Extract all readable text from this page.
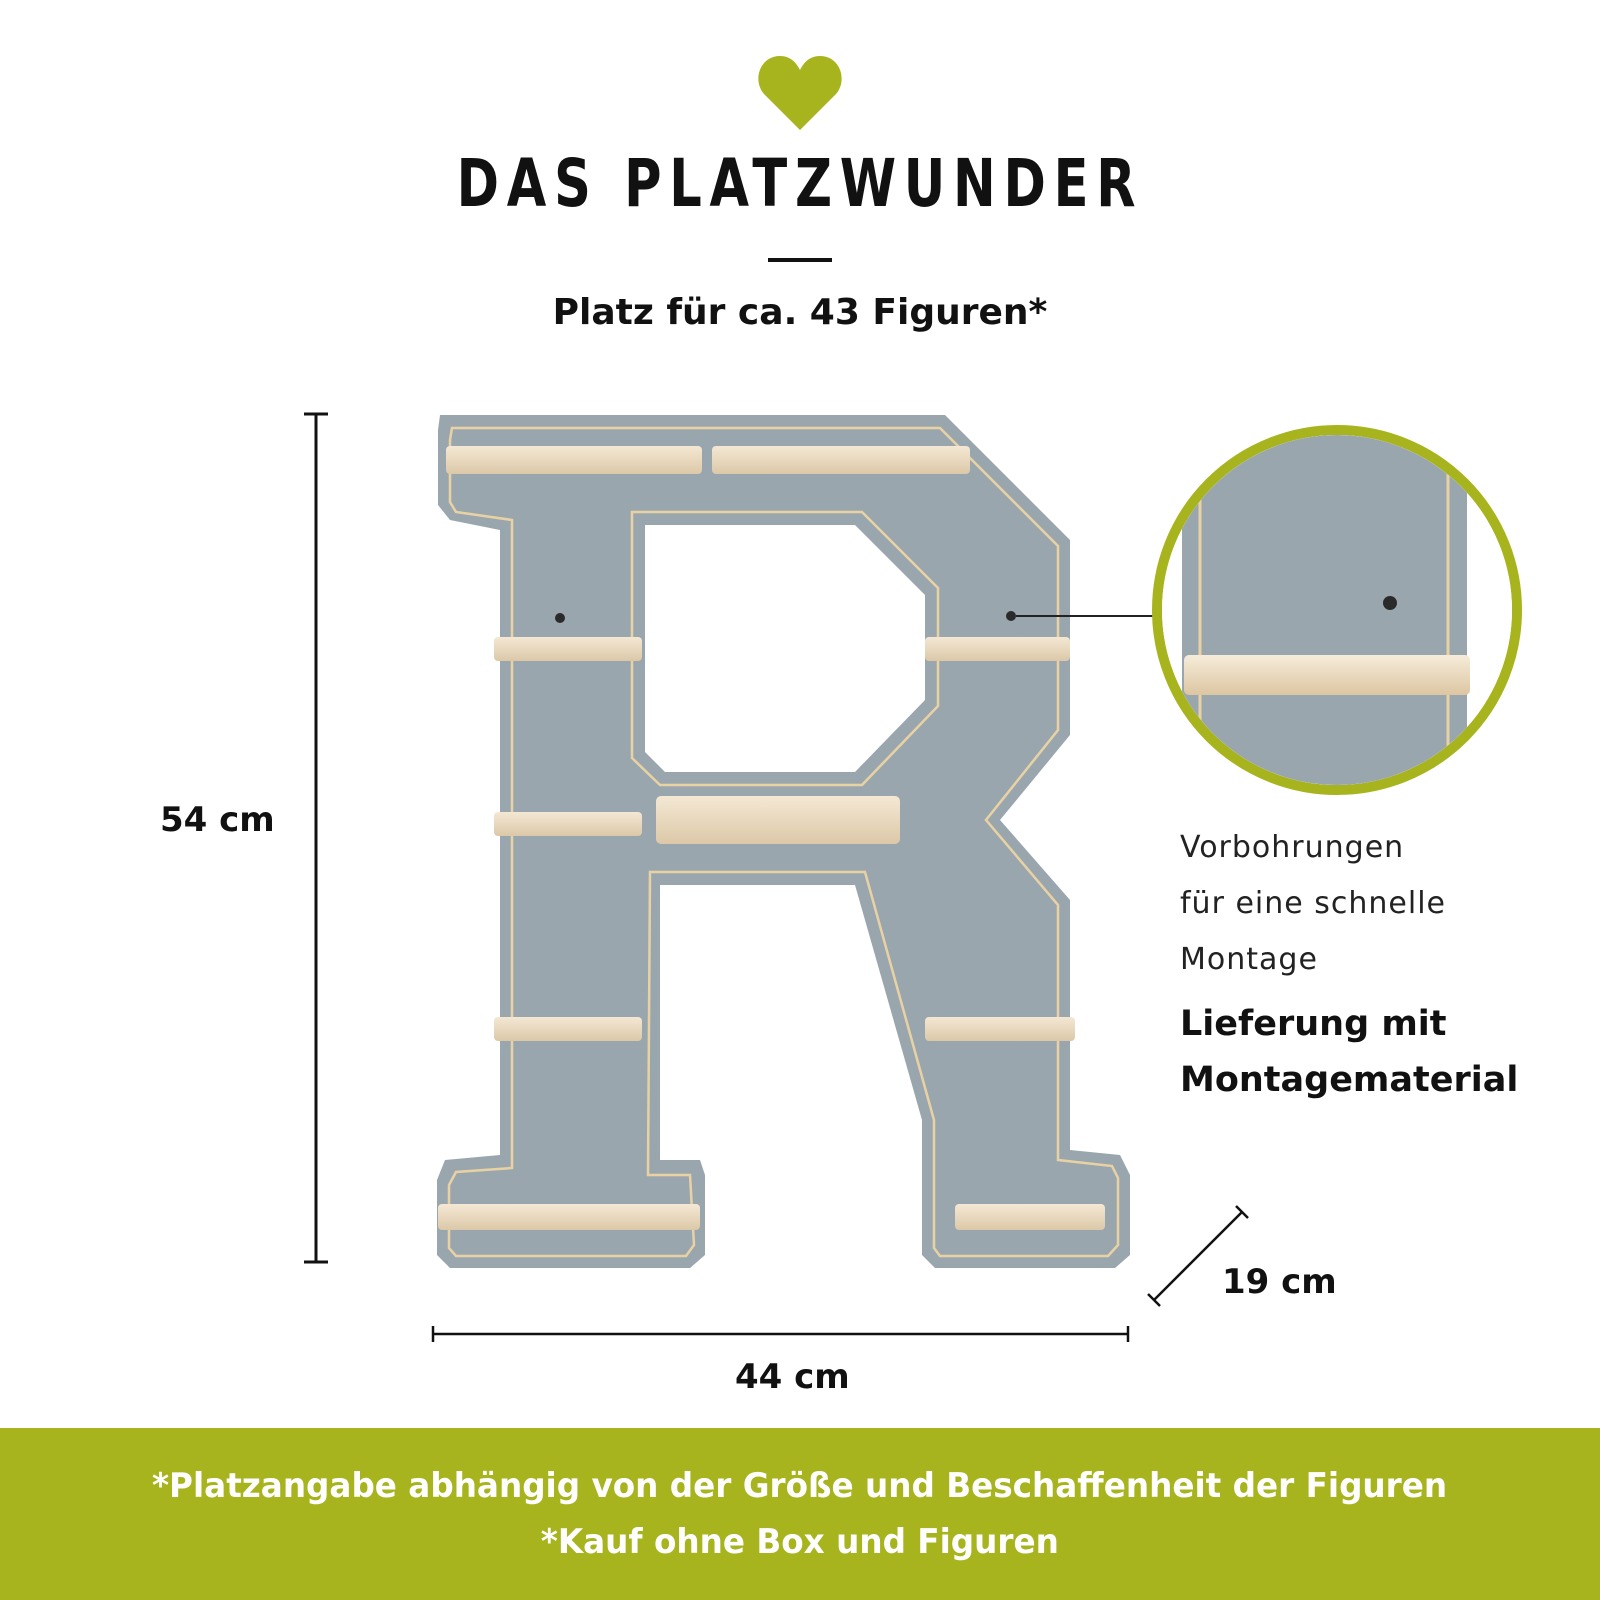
DAS PLATZWUNDER
Platz für ca. 43 Figuren*
54 cm
44 cm
19 cm
Vorbohrungen
für eine schnelle
Montage
Lieferung mit
Montagematerial
*Platzangabe abhängig von der Größe und Beschaffenheit der Figuren
*Kauf ohne Box und Figuren
